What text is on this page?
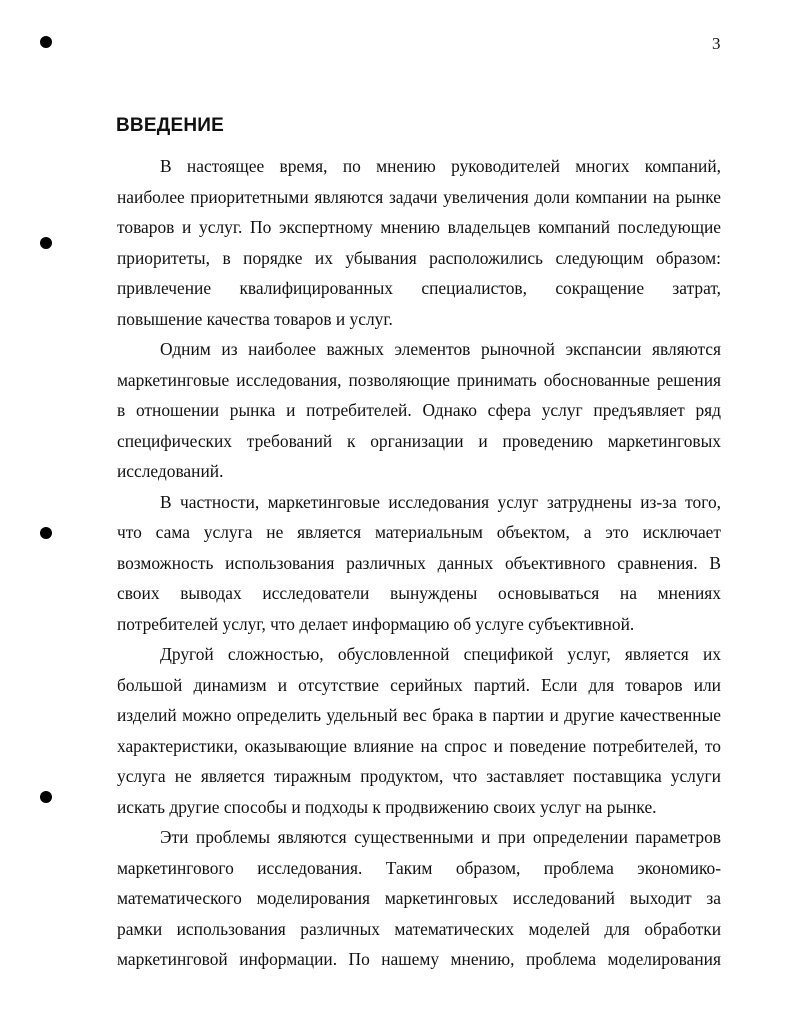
3
ВВЕДЕНИЕ
В настоящее время, по мнению руководителей многих компаний,
наиболее приоритетными являются задачи увеличения доли компании на рынке
товаров и услуг. По экспертному мнению владельцев компаний последующие
приоритеты, в порядке их убывания расположились следующим образом:
привлечение квалифицированных специалистов, сокращение затрат,
повышение качества товаров и услуг.
Одним из наиболее важных элементов рыночной экспансии являются
маркетинговые исследования, позволяющие принимать обоснованные решения
в отношении рынка и потребителей. Однако сфера услуг предъявляет ряд
специфических требований к организации и проведению маркетинговых
исследований.
В частности, маркетинговые исследования услуг затруднены из-за того,
что сама услуга не является материальным объектом, а это исключает
возможность использования различных данных объективного сравнения. В
своих выводах исследователи вынуждены основываться на мнениях
потребителей услуг, что делает информацию об услуге субъективной.
Другой сложностью, обусловленной спецификой услуг, является их
большой динамизм и отсутствие серийных партий. Если для товаров или
изделий можно определить удельный вес брака в партии и другие качественные
характеристики, оказывающие влияние на спрос и поведение потребителей, то
услуга не является тиражным продуктом, что заставляет поставщика услуги
искать другие способы и подходы к продвижению своих услуг на рынке.
Эти проблемы являются существенными и при определении параметров
маркетингового исследования. Таким образом, проблема экономико-
математического моделирования маркетинговых исследований выходит за
рамки использования различных математических моделей для обработки
маркетинговой информации. По нашему мнению, проблема моделирования
